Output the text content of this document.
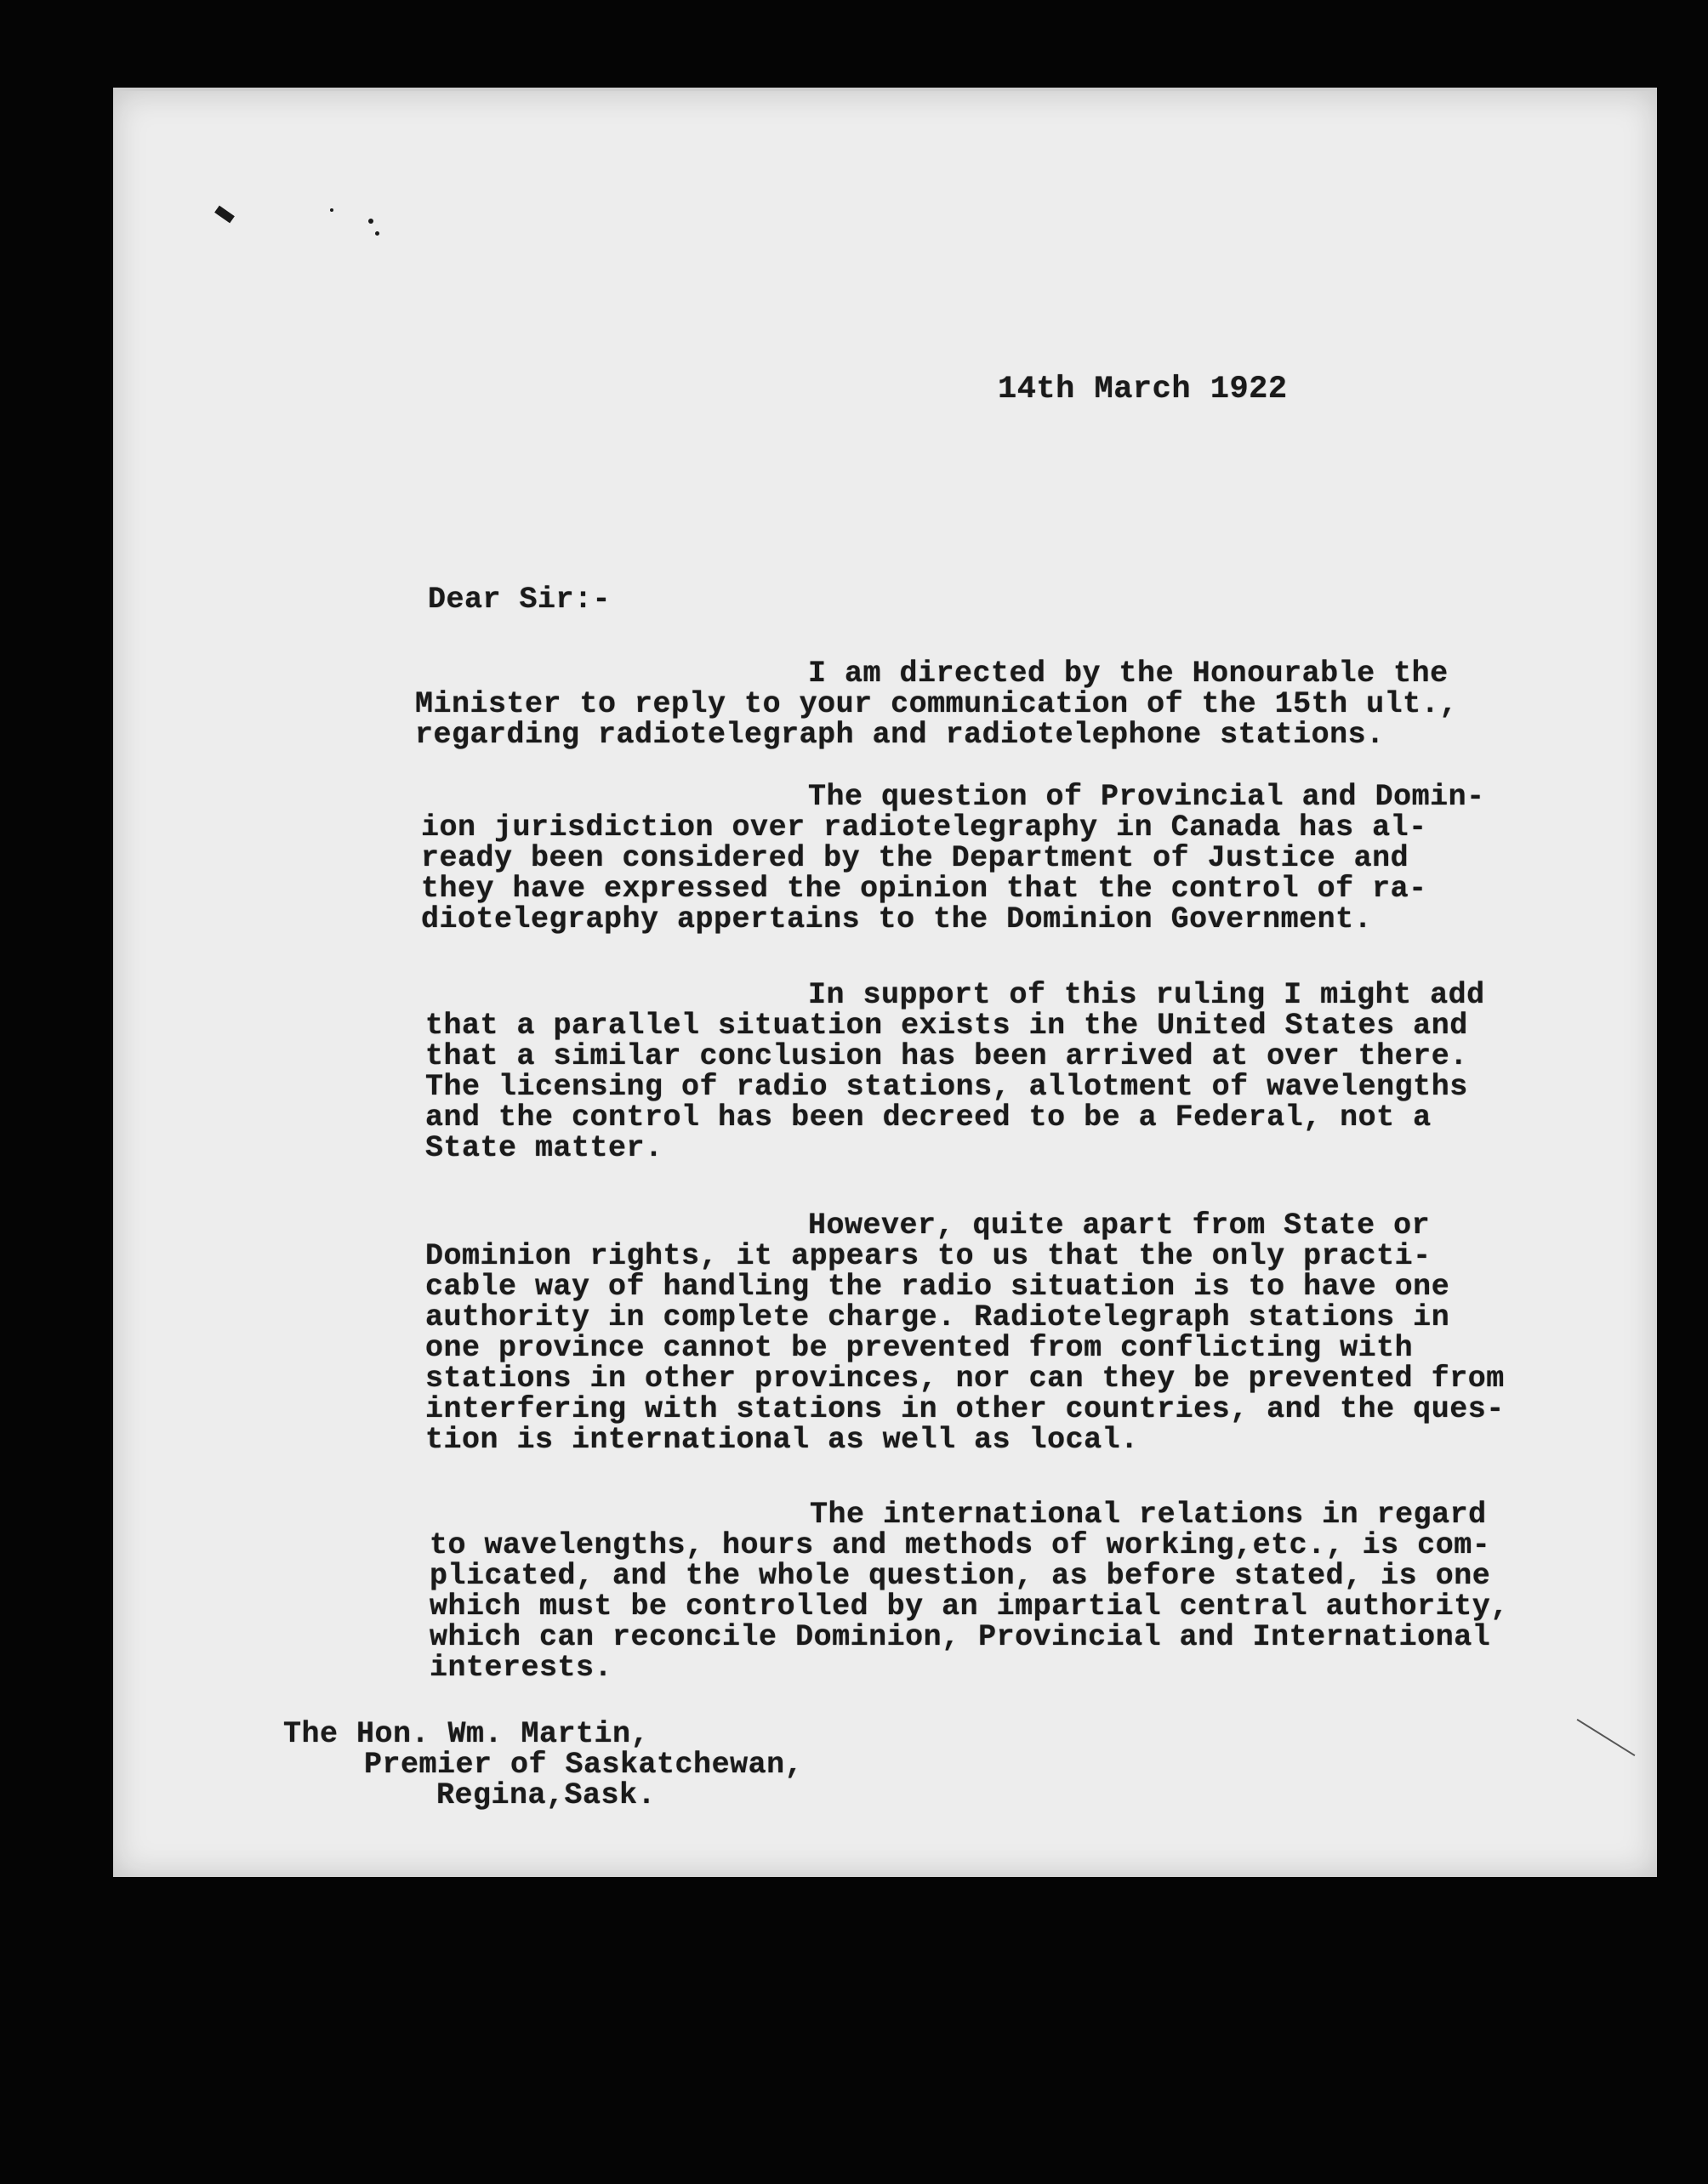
14th March 1922
Dear Sir:-

I am directed by the Honourable the

Minister to reply to your communication of the 15th ult.,

regarding radiotelegraph and radiotelephone stations.

The question of Provincial and Domin-

ion jurisdiction over radiotelegraphy in Canada has al-

ready been considered by the Department of Justice and

they have expressed the opinion that the control of ra-

diotelegraphy appertains to the Dominion Government.

In support of this ruling I might add

that a parallel situation exists in the United States and

that a similar conclusion has been arrived at over there.

The licensing of radio stations, allotment of wavelengths

and the control has been decreed to be a Federal, not a

State matter.

However, quite apart from State or

Dominion rights, it appears to us that the only practi-

cable way of handling the radio situation is to have one

authority in complete charge. Radiotelegraph stations in

one province cannot be prevented from conflicting with

stations in other provinces, nor can they be prevented from

interfering with stations in other countries, and the ques-

tion is international as well as local.

The international relations in regard

to wavelengths, hours and methods of working,etc., is com-

plicated, and the whole question, as before stated, is one

which must be controlled by an impartial central authority,

which can reconcile Dominion, Provincial and International

interests.

The Hon. Wm. Martin,

Premier of Saskatchewan,

Regina,Sask.
